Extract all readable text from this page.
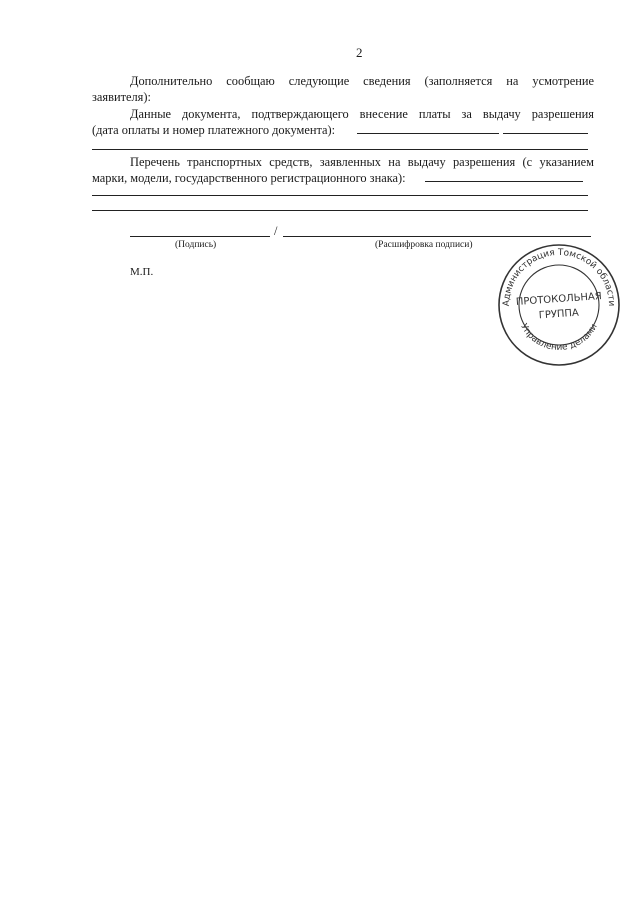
2
Дополнительно сообщаю следующие сведения (заполняется на усмотрение
заявителя):
Данные документа, подтверждающего внесение платы за выдачу разрешения
(дата оплаты и номер платежного документа):
Перечень транспортных средств, заявленных на выдачу разрешения (с указанием
марки, модели, государственного регистрационного знака):
/
(Подпись)	(Расшифровка подписи)
М.П.
Администрация Томской области
Управление делами
ПРОТОКОЛЬНАЯ
ГРУППА
